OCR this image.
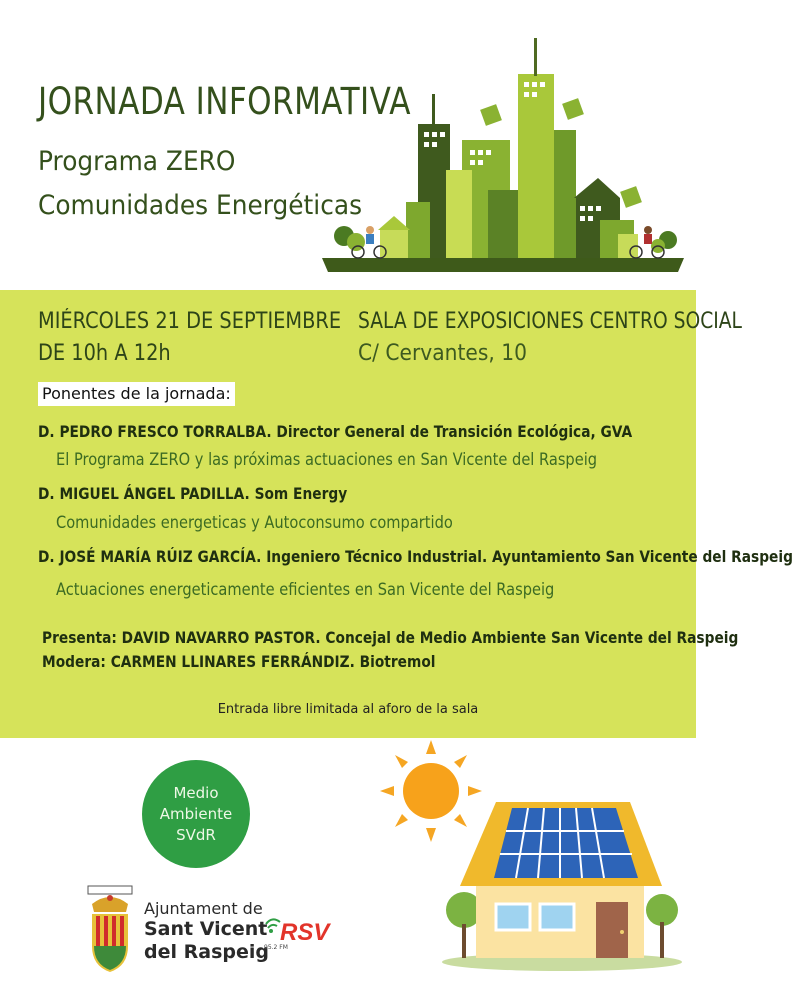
JORNADA INFORMATIVA
Programa ZERO
Comunidades Energéticas
MIÉRCOLES 21 DE SEPTIEMBRE
DE 10h A 12h
SALA DE EXPOSICIONES CENTRO SOCIAL
C/ Cervantes, 10
Ponentes de la jornada:
D. PEDRO FRESCO TORRALBA. Director General de Transición Ecológica, GVA
El Programa ZERO y las próximas actuaciones en San Vicente del Raspeig
D. MIGUEL ÁNGEL PADILLA. Som Energy
Comunidades energeticas y Autoconsumo compartido
D. JOSÉ MARÍA RÚIZ GARCÍA. Ingeniero Técnico Industrial. Ayuntamiento San Vicente del Raspeig
Actuaciones energeticamente eficientes en San Vicente del Raspeig
Presenta: DAVID NAVARRO PASTOR. Concejal de Medio Ambiente San Vicente del Raspeig
Modera: CARMEN LLINARES FERRÁNDIZ. Biotremol
Entrada libre limitada al aforo de la sala
Medio
Ambiente
SVdR
Ajuntament de
Sant Vicent
del Raspeig
RSV
95.2 FM
